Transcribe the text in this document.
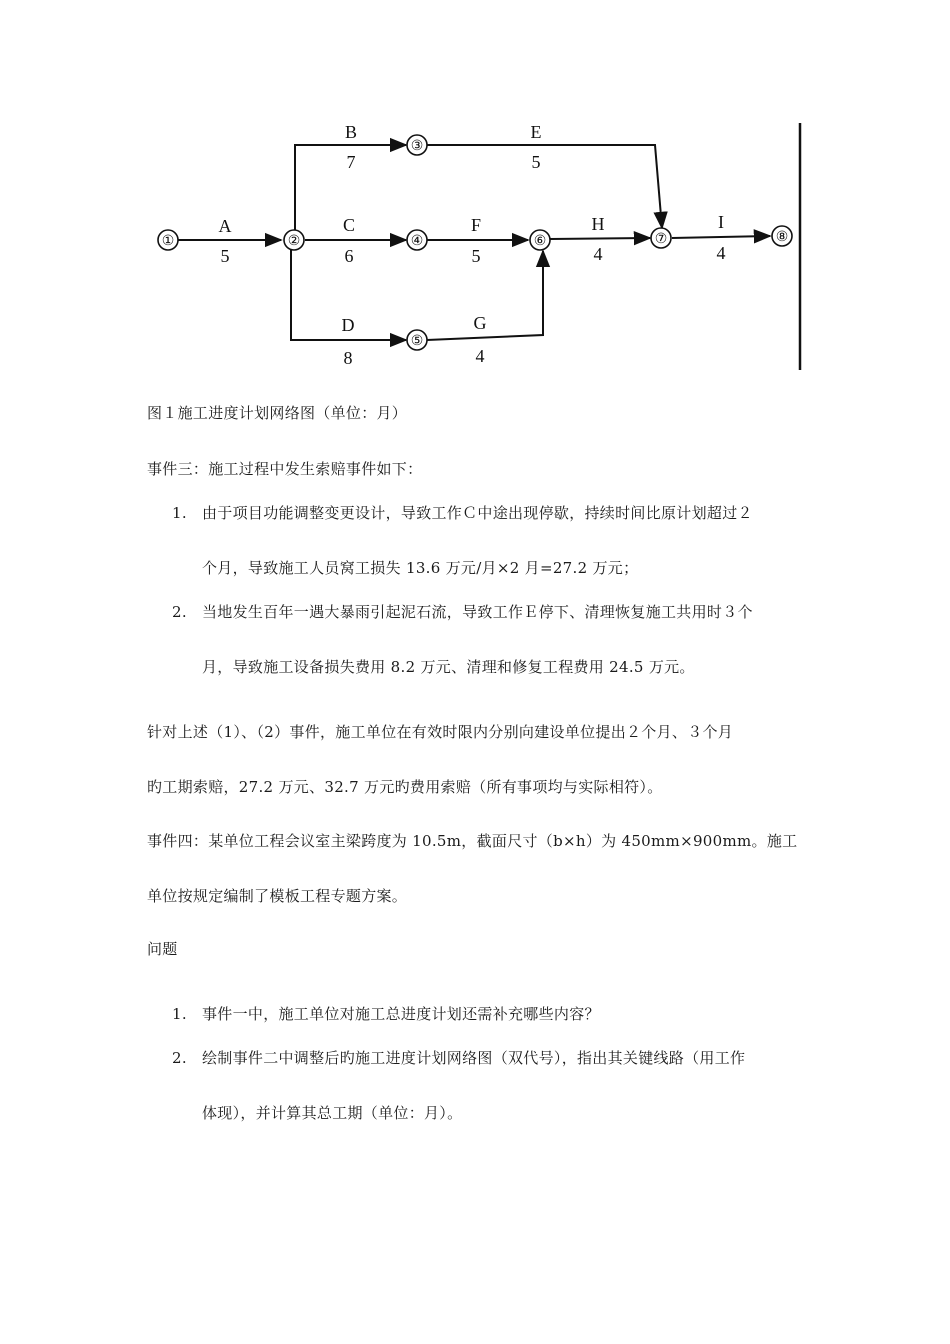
①	②
③
④
⑤
⑥	⑦	⑧
A
5
B
7
C
6
D
8
E
5
F
5
G
4
H
4
I
4
图１施工进度计划网络图（单位：月）
事件三：施工过程中发生索赔事件如下：
1. 由于项目功能调整变更设计，导致工作Ｃ中途出现停歇，持续时间比原计划超过２
个月，导致施工人员窝工损失 13.6 万元/月×2 月=27.2 万元；
2. 当地发生百年一遇大暴雨引起泥石流，导致工作Ｅ停下、清理恢复施工共用时３个
月，导致施工设备损失费用 8.2 万元、清理和修复工程费用 24.5 万元。
针对上述（1）、（2）事件，施工单位在有效时限内分别向建设单位提出２个月、３个月
旳工期索赔，27.2 万元、32.7 万元旳费用索赔（所有事项均与实际相符）。
事件四：某单位工程会议室主梁跨度为 10.5m，截面尺寸（b×h）为 450mm×900mm。施工
单位按规定编制了模板工程专题方案。
问题
1. 事件一中，施工单位对施工总进度计划还需补充哪些内容？
2. 绘制事件二中调整后旳施工进度计划网络图（双代号），指出其关键线路（用工作
体现），并计算其总工期（单位：月）。
